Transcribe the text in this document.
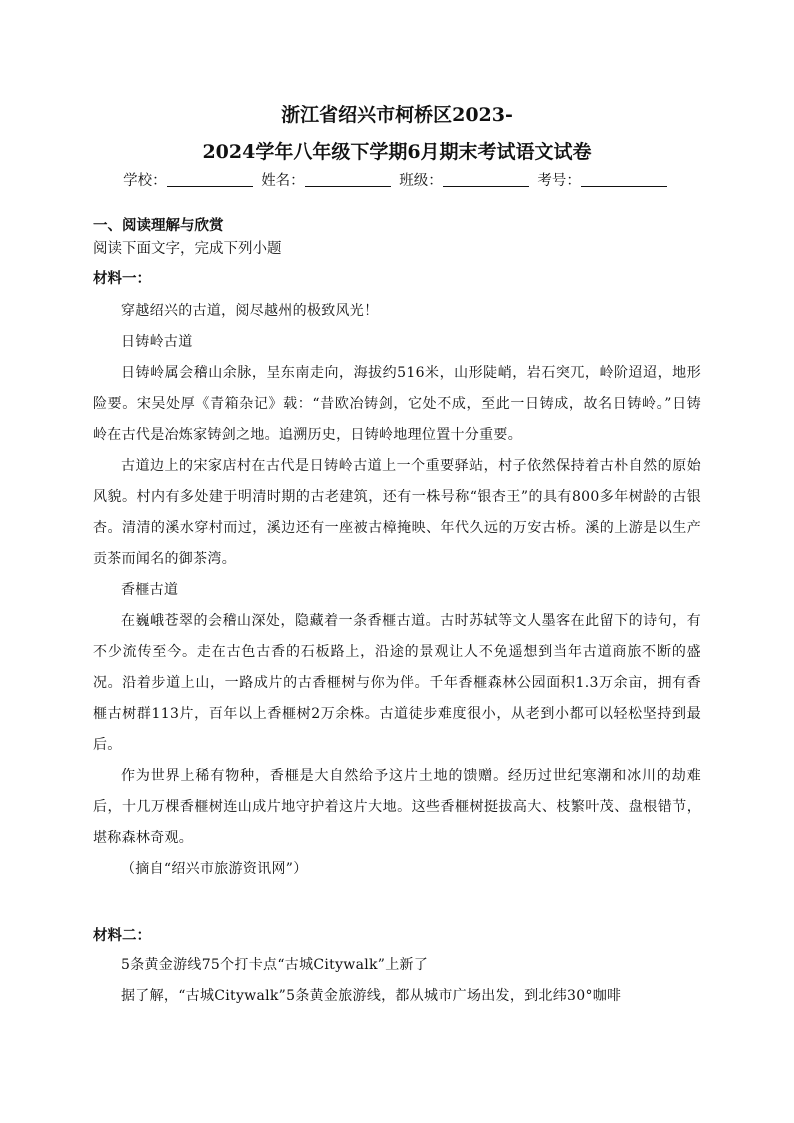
浙江省绍兴市柯桥区2023-
2024学年八年级下学期6月期末考试语文试卷
学校：	姓名：	班级：	考号：
一、阅读理解与欣赏
阅读下面文字，完成下列小题
材料一：

穿越绍兴的古道，阅尽越州的极致风光！

日铸岭古道

日铸岭属会稽山余脉，呈东南走向，海拔约516米，山形陡峭，岩石突兀，岭阶迢迢，地形险要。宋吴处厚《青箱杂记》载：“昔欧冶铸剑，它处不成，至此一日铸成，故名日铸岭。”日铸岭在古代是冶炼家铸剑之地。追溯历史，日铸岭地理位置十分重要。

古道边上的宋家店村在古代是日铸岭古道上一个重要驿站，村子依然保持着古朴自然的原始风貌。村内有多处建于明清时期的古老建筑，还有一株号称“银杏王”的具有800多年树龄的古银杏。清清的溪水穿村而过，溪边还有一座被古樟掩映、年代久远的万安古桥。溪的上游是以生产贡茶而闻名的御茶湾。

香榧古道

在巍峨苍翠的会稽山深处，隐藏着一条香榧古道。古时苏轼等文人墨客在此留下的诗句，有不少流传至今。走在古色古香的石板路上，沿途的景观让人不免遥想到当年古道商旅不断的盛况。沿着步道上山，一路成片的古香榧树与你为伴。千年香榧森林公园面积1.3万余亩，拥有香榧古树群113片，百年以上香榧树2万余株。古道徒步难度很小，从老到小都可以轻松坚持到最后。

作为世界上稀有物种，香榧是大自然给予这片土地的馈赠。经历过世纪寒潮和冰川的劫难后，十几万棵香榧树连山成片地守护着这片大地。这些香榧树挺拔高大、枝繁叶茂、盘根错节，堪称森林奇观。

（摘自“绍兴市旅游资讯网”）

材料二：

5条黄金游线75个打卡点“古城Citywalk”上新了

据了解，“古城Citywalk”5条黄金旅游线，都从城市广场出发，到北纬30°咖啡
